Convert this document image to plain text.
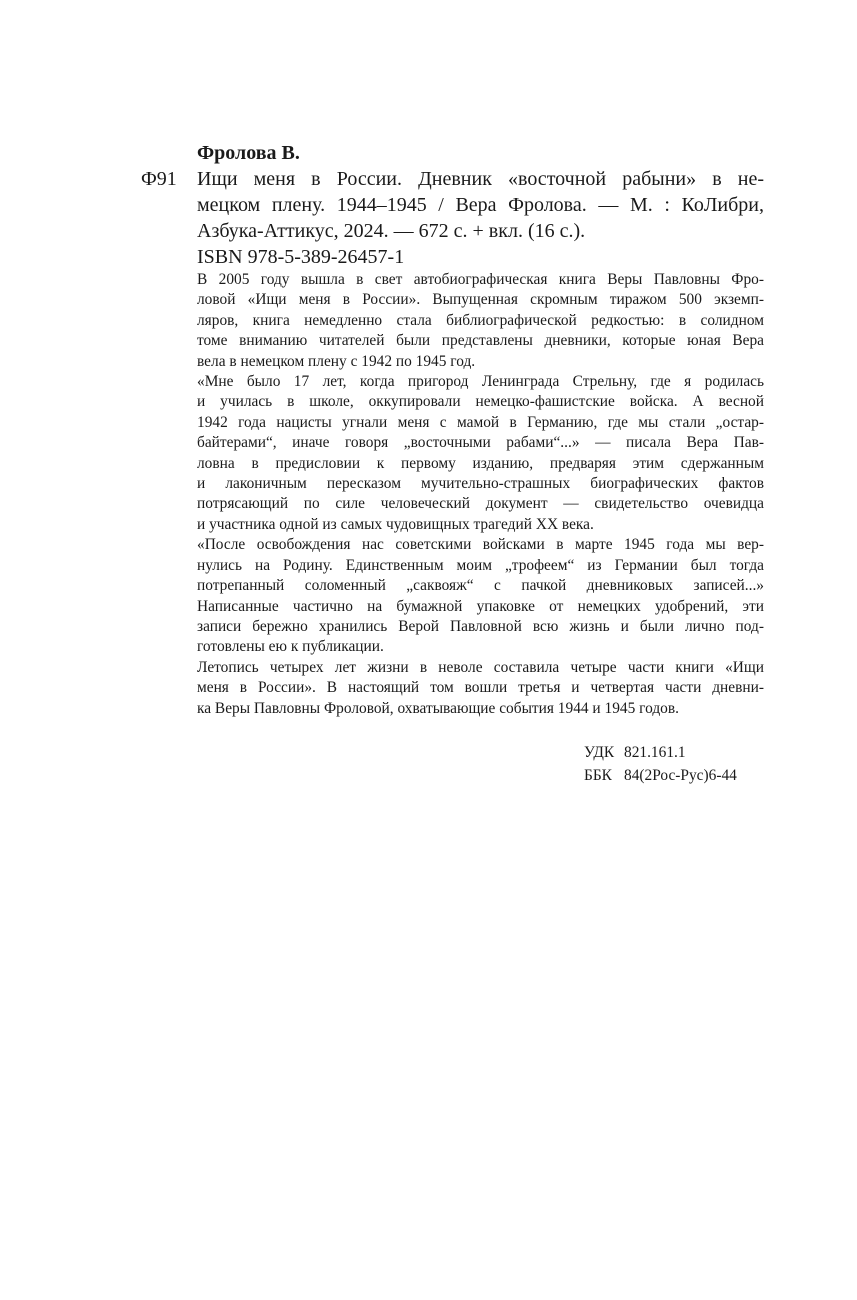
Фролова В.
Ф91 Ищи меня в России. Дневник «восточной рабыни» в не-
мецком плену. 1944–1945 / Вера Фролова. — М. : КоЛибри,
Азбука-Аттикус, 2024. — 672 с. + вкл. (16 с.).
ISBN 978-5-389-26457-1

В 2005 году вышла в свет автобиографическая книга Веры Павловны Фро-
ловой «Ищи меня в России». Выпущенная скромным тиражом 500 экземп-
ляров, книга немедленно стала библиографической редкостью: в солидном
томе вниманию читателей были представлены дневники, которые юная Вера
вела в немецком плену с 1942 по 1945 год.

«Мне было 17 лет, когда пригород Ленинграда Стрельну, где я родилась
и училась в школе, оккупировали немецко-фашистские войска. А весной
1942 года нацисты угнали меня с мамой в Германию, где мы стали „остар-
байтерами“, иначе говоря „восточными рабами“...» — писала Вера Пав-
ловна в предисловии к первому изданию, предваряя этим сдержанным
и лаконичным пересказом мучительно-страшных биографических фактов
потрясающий по силе человеческий документ — свидетельство очевидца
и участника одной из самых чудовищных трагедий XX века.

«После освобождения нас советскими войсками в марте 1945 года мы вер-
нулись на Родину. Единственным моим „трофеем“ из Германии был тогда
потрепанный соломенный „саквояж“ с пачкой дневниковых записей...»
Написанные частично на бумажной упаковке от немецких удобрений, эти
записи бережно хранились Верой Павловной всю жизнь и были лично под-
готовлены ею к публикации.

Летопись четырех лет жизни в неволе составила четыре части книги «Ищи
меня в России». В настоящий том вошли третья и четвертая части дневни-
ка Веры Павловны Фроловой, охватывающие события 1944 и 1945 годов.

УДК 821.161.1
ББК 84(2Рос-Рус)6-44
